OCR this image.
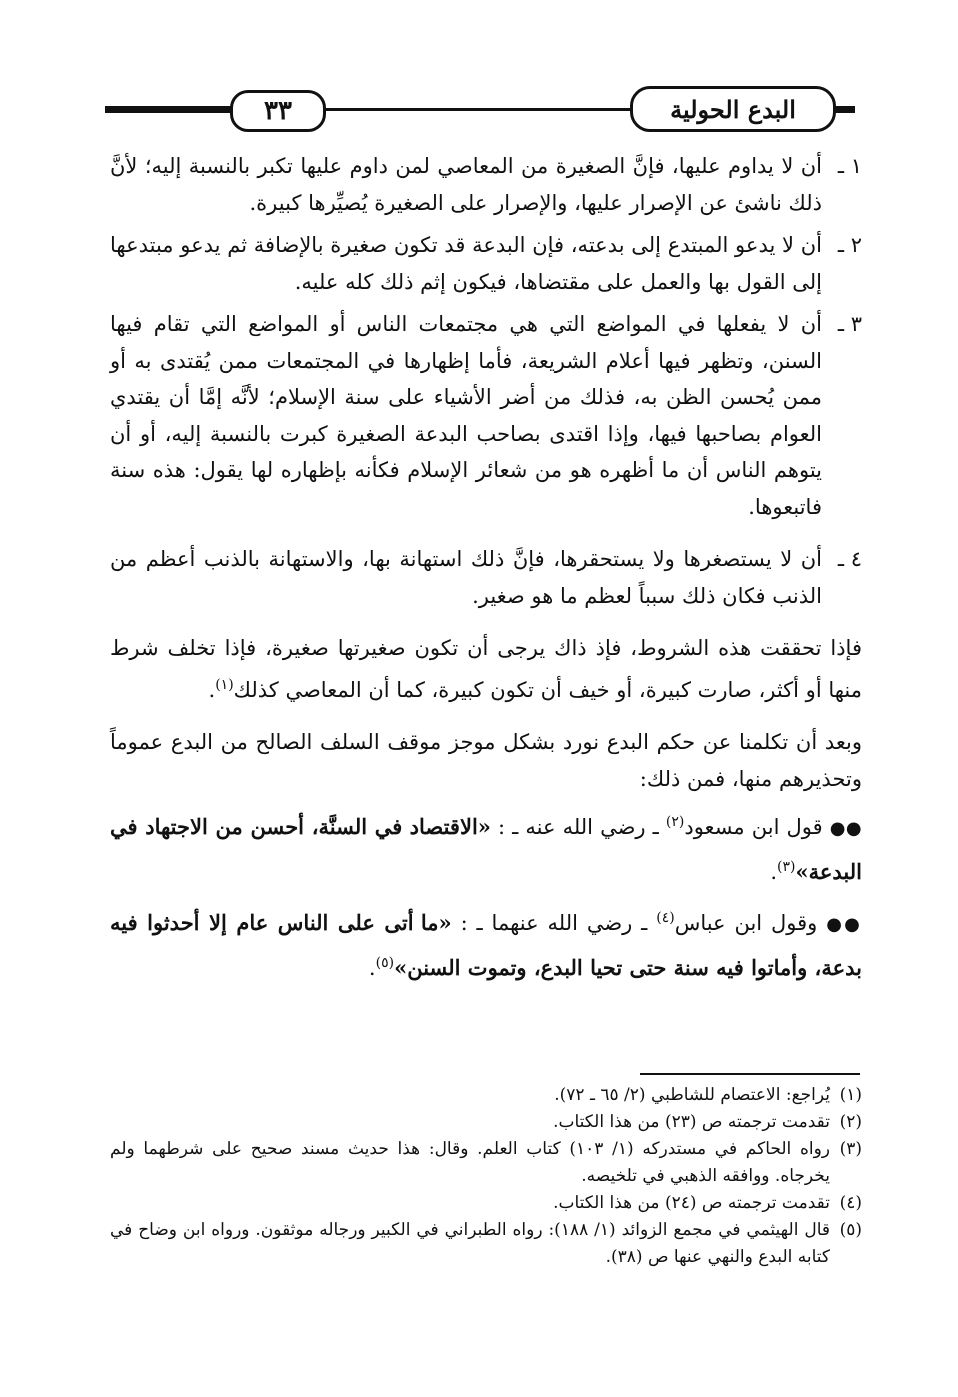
٣٣	البدع الحولية
١ ـ
أن لا يداوم عليها، فإنَّ الصغيرة من المعاصي لمن داوم عليها تكبر بالنسبة إليه؛ لأنَّ ذلك ناشئ عن الإصرار عليها، والإصرار على الصغيرة يُصيِّرها كبيرة.
٢ ـ
أن لا يدعو المبتدع إلى بدعته، فإن البدعة قد تكون صغيرة بالإضافة ثم يدعو مبتدعها إلى القول بها والعمل على مقتضاها، فيكون إثم ذلك كله عليه.
٣ ـ
أن لا يفعلها في المواضع التي هي مجتمعات الناس أو المواضع التي تقام فيها السنن، وتظهر فيها أعلام الشريعة، فأما إظهارها في المجتمعات ممن يُقتدى به أو ممن يُحسن الظن به، فذلك من أضر الأشياء على سنة الإسلام؛ لأنَّه إمَّا أن يقتدي العوام بصاحبها فيها، وإذا اقتدى بصاحب البدعة الصغيرة كبرت بالنسبة إليه، أو أن يتوهم الناس أن ما أظهره هو من شعائر الإسلام فكأنه بإظهاره لها يقول: هذه سنة فاتبعوها.
٤ ـ
أن لا يستصغرها ولا يستحقرها، فإنَّ ذلك استهانة بها، والاستهانة بالذنب أعظم من الذنب فكان ذلك سبباً لعظم ما هو صغير.

فإذا تحققت هذه الشروط، فإذ ذاك يرجى أن تكون صغيرتها صغيرة، فإذا تخلف شرط منها أو أكثر، صارت كبيرة، أو خيف أن تكون كبيرة، كما أن المعاصي كذلك$^{(١)}$.

وبعد أن تكلمنا عن حكم البدع نورد بشكل موجز موقف السلف الصالح من البدع عموماً وتحذيرهم منها، فمن ذلك:

●● قول ابن مسعود$^{(٢)}$ ـ رضي الله عنه ـ : «الاقتصاد في السنَّة، أحسن من الاجتهاد في البدعة»$^{(٣)}$.

●● وقول ابن عباس$^{(٤)}$ ـ رضي الله عنهما ـ : «ما أتى على الناس عام إلا أحدثوا فيه بدعة، وأماتوا فيه سنة حتى تحيا البدع، وتموت السنن»$^{(٥)}$.

(١)
يُراجع: الاعتصام للشاطبي (٢/ ٦٥ ـ ٧٢).

(٢)
تقدمت ترجمته ص (٢٣) من هذا الكتاب.

(٣)
رواه الحاكم في مستدركه (١/ ١٠٣) كتاب العلم. وقال: هذا حديث مسند صحيح على شرطهما ولم يخرجاه. ووافقه الذهبي في تلخيصه.

(٤)
تقدمت ترجمته ص (٢٤) من هذا الكتاب.

(٥)
قال الهيثمي في مجمع الزوائد (١/ ١٨٨): رواه الطبراني في الكبير ورجاله موثقون. ورواه ابن وضاح في كتابه البدع والنهي عنها ص (٣٨).
